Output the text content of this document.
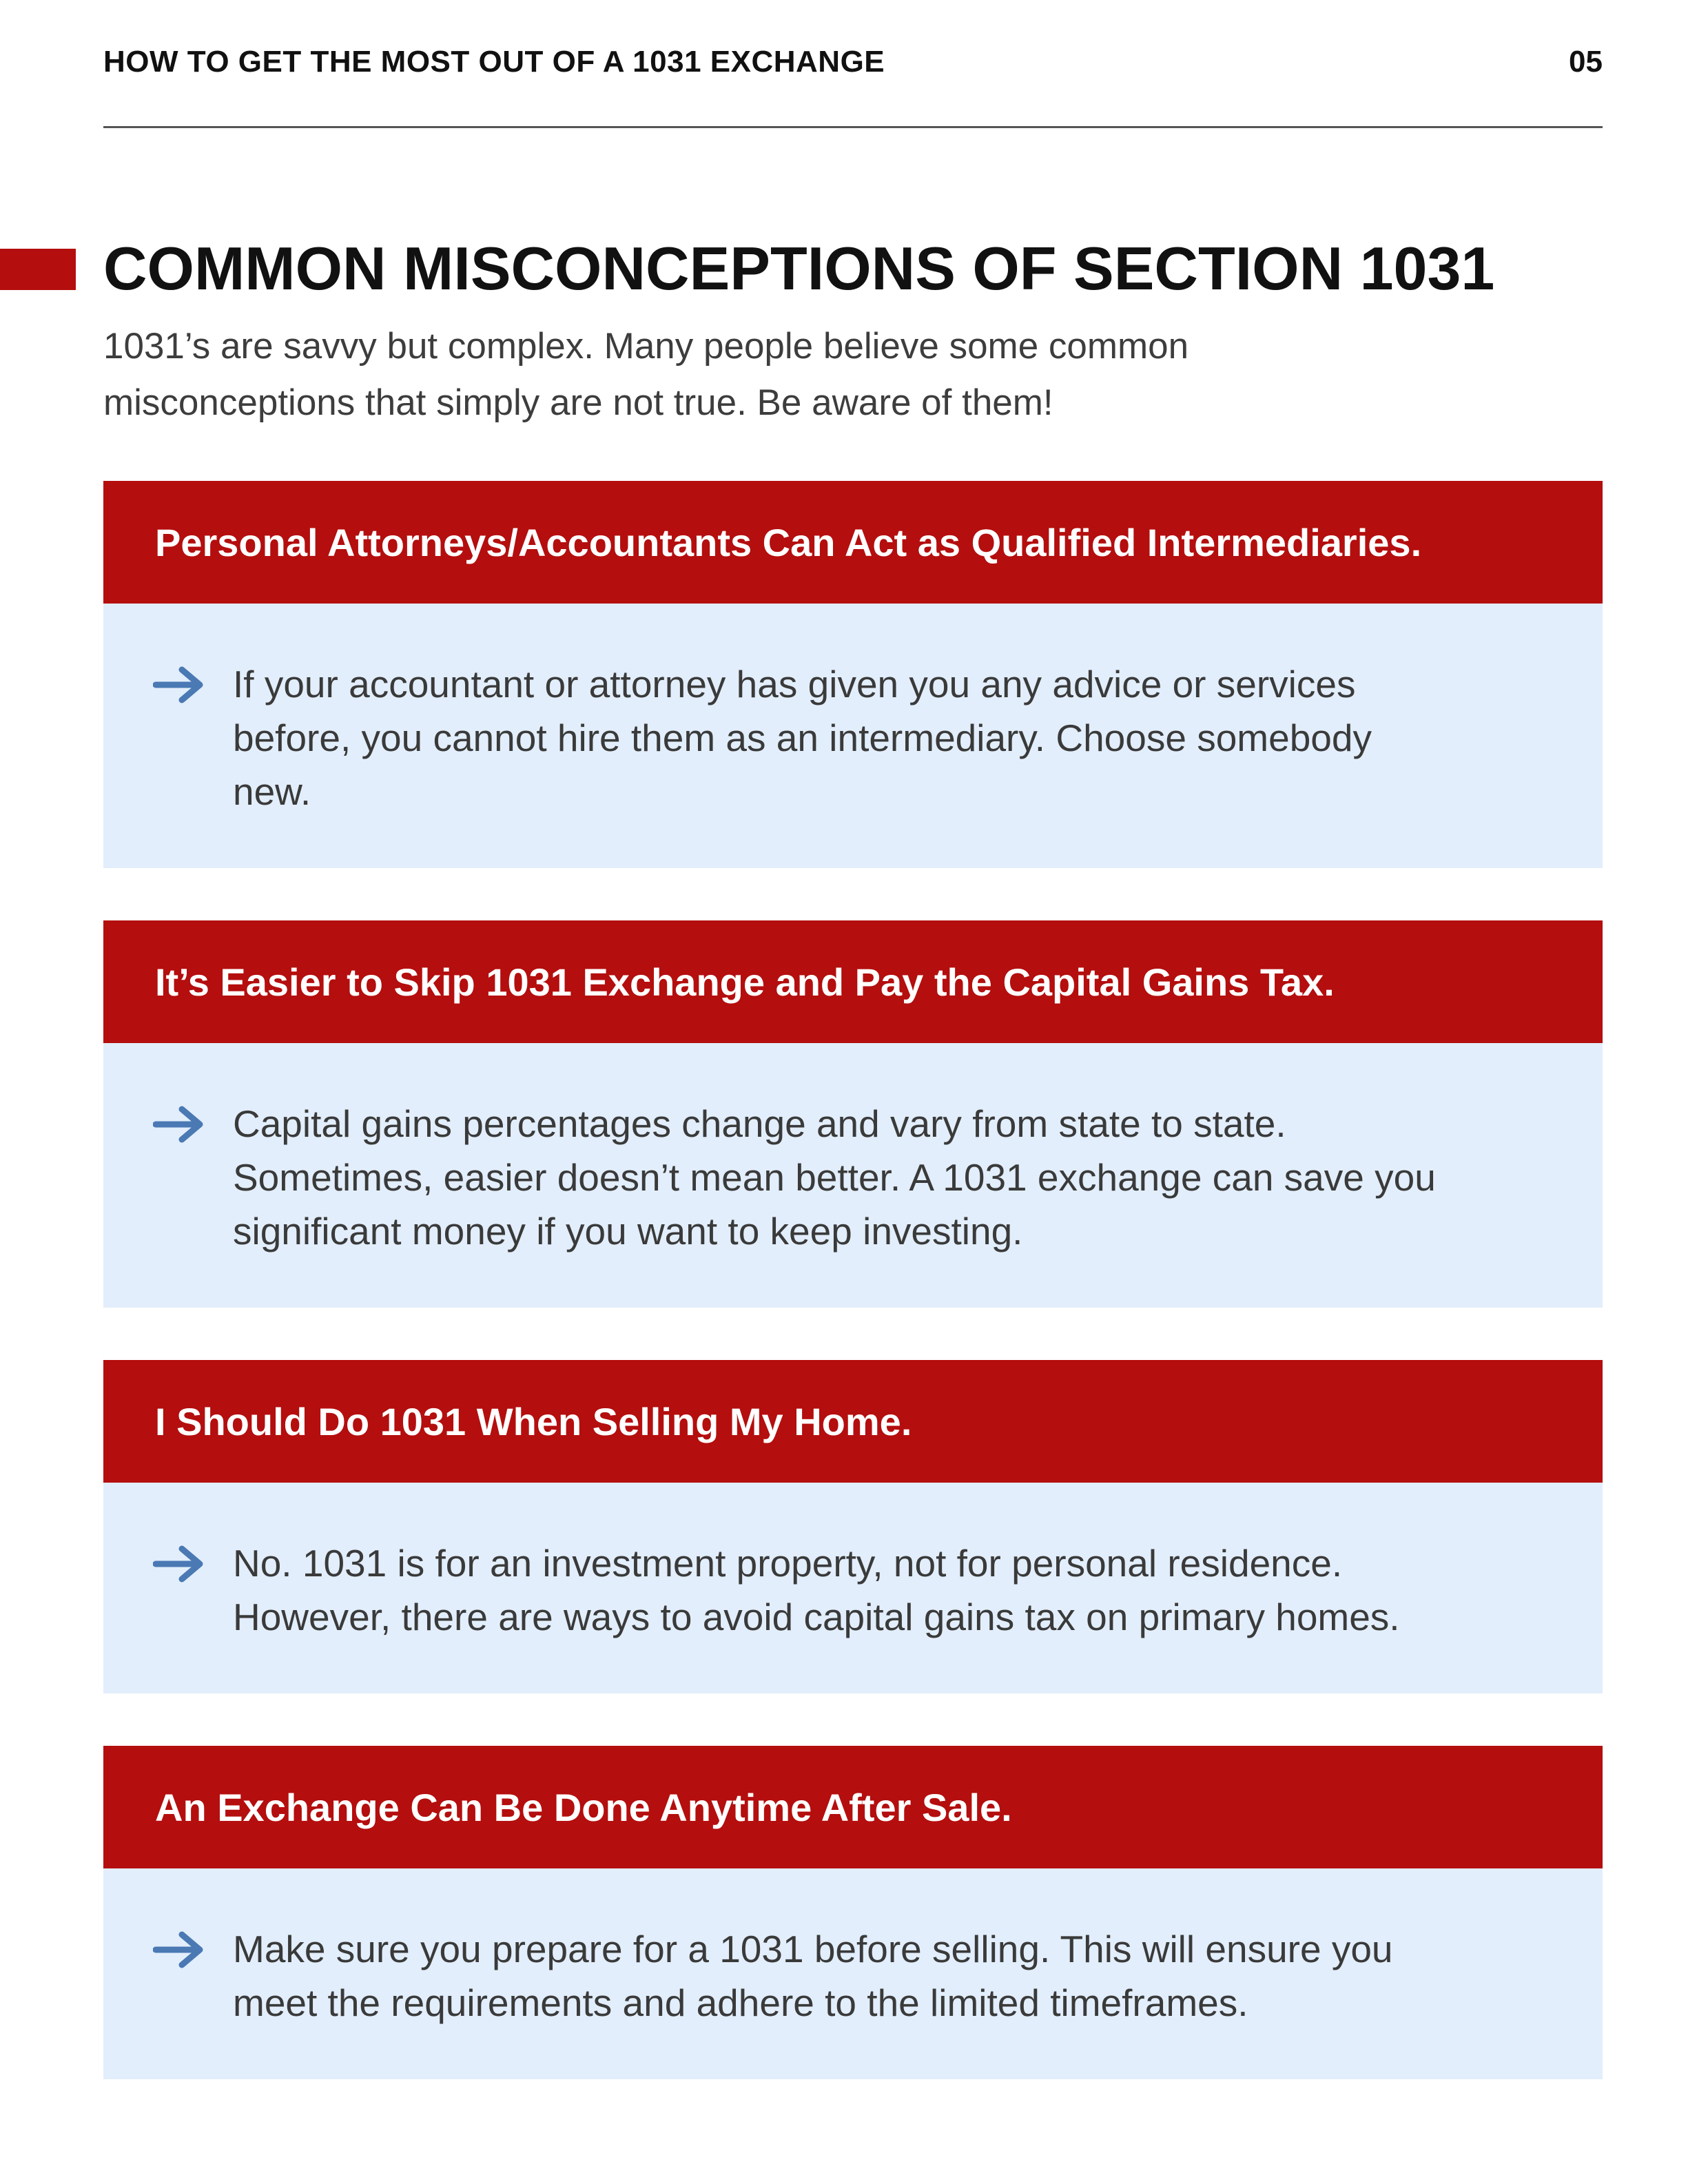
HOW TO GET THE MOST OUT OF A 1031 EXCHANGE	05
COMMON MISCONCEPTIONS OF SECTION 1031
1031’s are savvy but complex. Many people believe some common
misconceptions that simply are not true. Be aware of them!
Personal Attorneys/Accountants Can Act as Qualified Intermediaries.
If your accountant or attorney has given you any advice or services
before, you cannot hire them as an intermediary. Choose somebody
new.
It’s Easier to Skip 1031 Exchange and Pay the Capital Gains Tax.
Capital gains percentages change and vary from state to state.
Sometimes, easier doesn’t mean better. A 1031 exchange can save you
significant money if you want to keep investing.
I Should Do 1031 When Selling My Home.
No. 1031 is for an investment property, not for personal residence.
However, there are ways to avoid capital gains tax on primary homes.
An Exchange Can Be Done Anytime After Sale.
Make sure you prepare for a 1031 before selling. This will ensure you
meet the requirements and adhere to the limited timeframes.
